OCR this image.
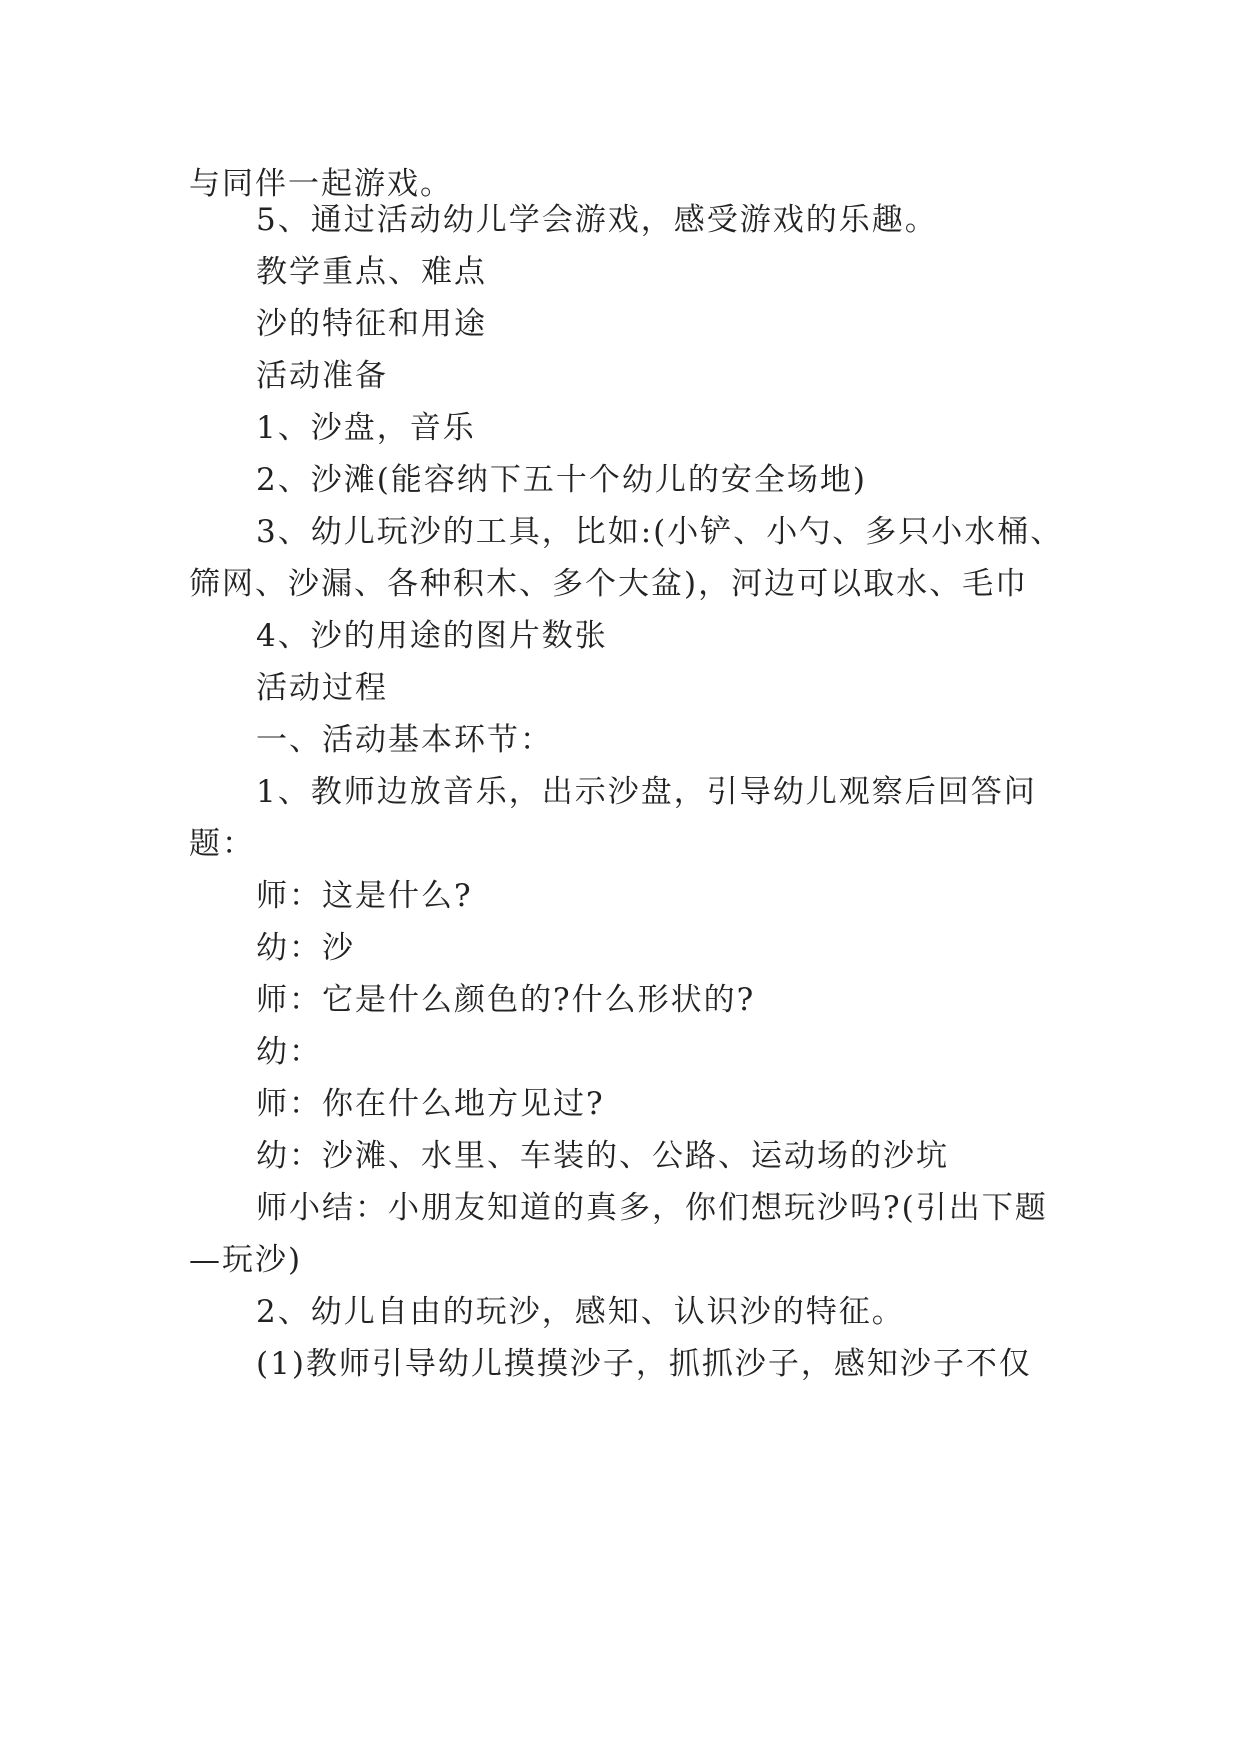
与同伴一起游戏。
5、通过活动幼儿学会游戏，感受游戏的乐趣。
教学重点、难点
沙的特征和用途
活动准备
1、沙盘，音乐
2、沙滩(能容纳下五十个幼儿的安全场地)
3、幼儿玩沙的工具，比如:(小铲、小勺、多只小水桶、
筛网、沙漏、各种积木、多个大盆)，河边可以取水、毛巾
4、沙的用途的图片数张
活动过程
一、活动基本环节：
1、教师边放音乐，出示沙盘，引导幼儿观察后回答问
题：
师：这是什么?
幼：沙
师：它是什么颜色的?什么形状的?
幼：
师：你在什么地方见过?
幼：沙滩、水里、车装的、公路、运动场的沙坑
师小结：小朋友知道的真多，你们想玩沙吗?(引出下题
—玩沙)
2、幼儿自由的玩沙，感知、认识沙的特征。
(1)教师引导幼儿摸摸沙子，抓抓沙子，感知沙子不仅
